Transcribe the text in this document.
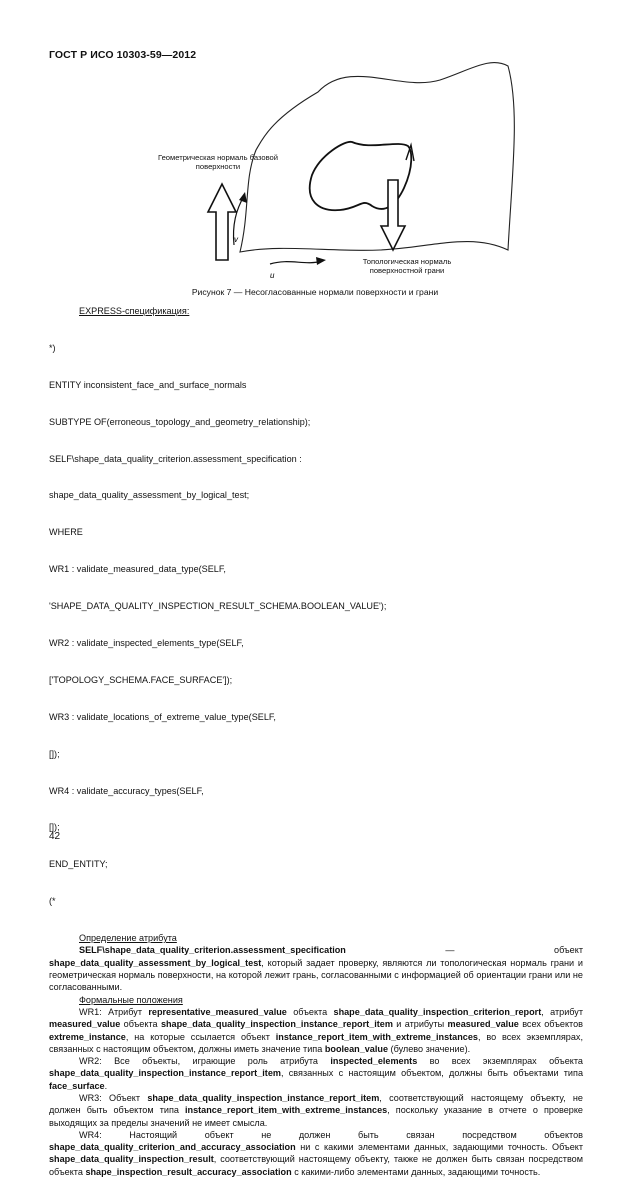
ГОСТ Р ИСО 10303-59—2012
v
u
Геометрическая нормаль базовой
поверхности
Топологическая нормаль
поверхностной грани
Рисунок 7 — Несогласованные нормали поверхности и грани

EXPRESS-спецификация:

*)

ENTITY inconsistent_face_and_surface_normals

SUBTYPE OF(erroneous_topology_and_geometry_relationship);

SELF\shape_data_quality_criterion.assessment_specification :

shape_data_quality_assessment_by_logical_test;

WHERE

WR1 : validate_measured_data_type(SELF,

'SHAPE_DATA_QUALITY_INSPECTION_RESULT_SCHEMA.BOOLEAN_VALUE');

WR2 : validate_inspected_elements_type(SELF,

['TOPOLOGY_SCHEMA.FACE_SURFACE']);

WR3 : validate_locations_of_extreme_value_type(SELF,

[]);

WR4 : validate_accuracy_types(SELF,

[]);

END_ENTITY;

(*

Определение атрибута

SELF\shape_data_quality_criterion.assessment_specification — объект shape_data_quality_assessment_by_logical_test, который задает проверку, являются ли топологическая нормаль грани и геометрическая нормаль поверхности, на которой лежит грань, согласованными с информацией об ориентации грани или не согласованными.

Формальные положения

WR1: Атрибут representative_measured_value объекта shape_data_quality_inspection_criterion_report, атрибут measured_value объекта shape_data_quality_inspection_instance_report_item и атрибуты measured_value всех объектов extreme_instance, на которые ссылается объект instance_report_item_with_extreme_instances, во всех экземплярах, связанных с настоящим объектом, должны иметь значение типа boolean_value (булево значение).

WR2: Все объекты, играющие роль атрибута inspected_elements во всех экземплярах объекта shape_data_quality_inspection_instance_report_item, связанных с настоящим объектом, должны быть объектами типа face_surface.

WR3: Объект shape_data_quality_inspection_instance_report_item, соответствующий настоящему объекту, не должен быть объектом типа instance_report_item_with_extreme_instances, поскольку указание в отчете о проверке выходящих за пределы значений не имеет смысла.

WR4: Настоящий объект не должен быть связан посредством объектов shape_data_quality_criterion_and_accuracy_association ни с какими элементами данных, задающими точность. Объект shape_data_quality_inspection_result, соответствующий настоящему объекту, также не должен быть связан посредством объекта shape_inspection_result_accuracy_association с какими-либо элементами данных, задающими точность.

42
